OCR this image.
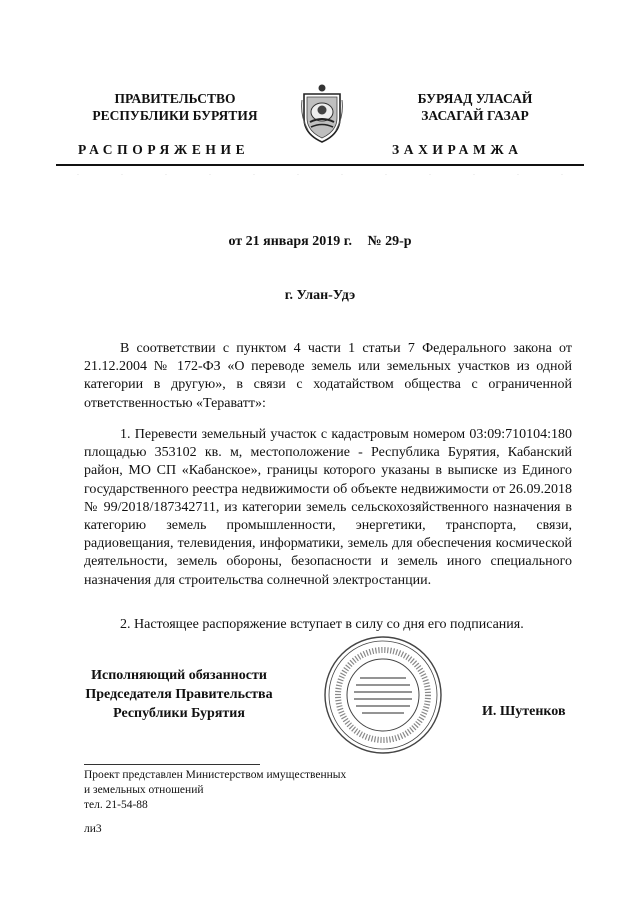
ПРАВИТЕЛЬСТВО
РЕСПУБЛИКИ БУРЯТИЯ
РАСПОРЯЖЕНИЕ
БУРЯАД УЛАСАЙ
ЗАСАГАЙ ГАЗАР
ЗАХИРАМЖА
.	.	.	.	.	.	.	.	.	.	.	.
от 21 января 2019 г. № 29-р
г. Улан-Удэ
В соответствии с пунктом 4 части 1 статьи 7 Федерального закона от 21.12.2004 № 172-ФЗ «О переводе земель или земельных участков из одной категории в другую», в связи с ходатайством общества с ограниченной ответственностью «Тераватт»:
1. Перевести земельный участок с кадастровым номером 03:09:710104:180 площадью 353102 кв. м, местоположение - Республика Бурятия, Кабанский район, МО СП «Кабанское», границы которого указаны в выписке из Единого государственного реестра недвижимости об объекте недвижимости от 26.09.2018 № 99/2018/187342711, из категории земель сельскохозяйственного назначения в категорию земель промышленности, энергетики, транспорта, связи, радиовещания, телевидения, информатики, земель для обеспечения космической деятельности, земель обороны, безопасности и земель иного специального назначения для строительства солнечной электростанции.
2. Настоящее распоряжение вступает в силу со дня его подписания.
Исполняющий обязанности
Председателя Правительства
Республики Бурятия	И. Шутенков
Проект представлен Министерством имущественных
и земельных отношений
тел. 21-54-88
ли3
